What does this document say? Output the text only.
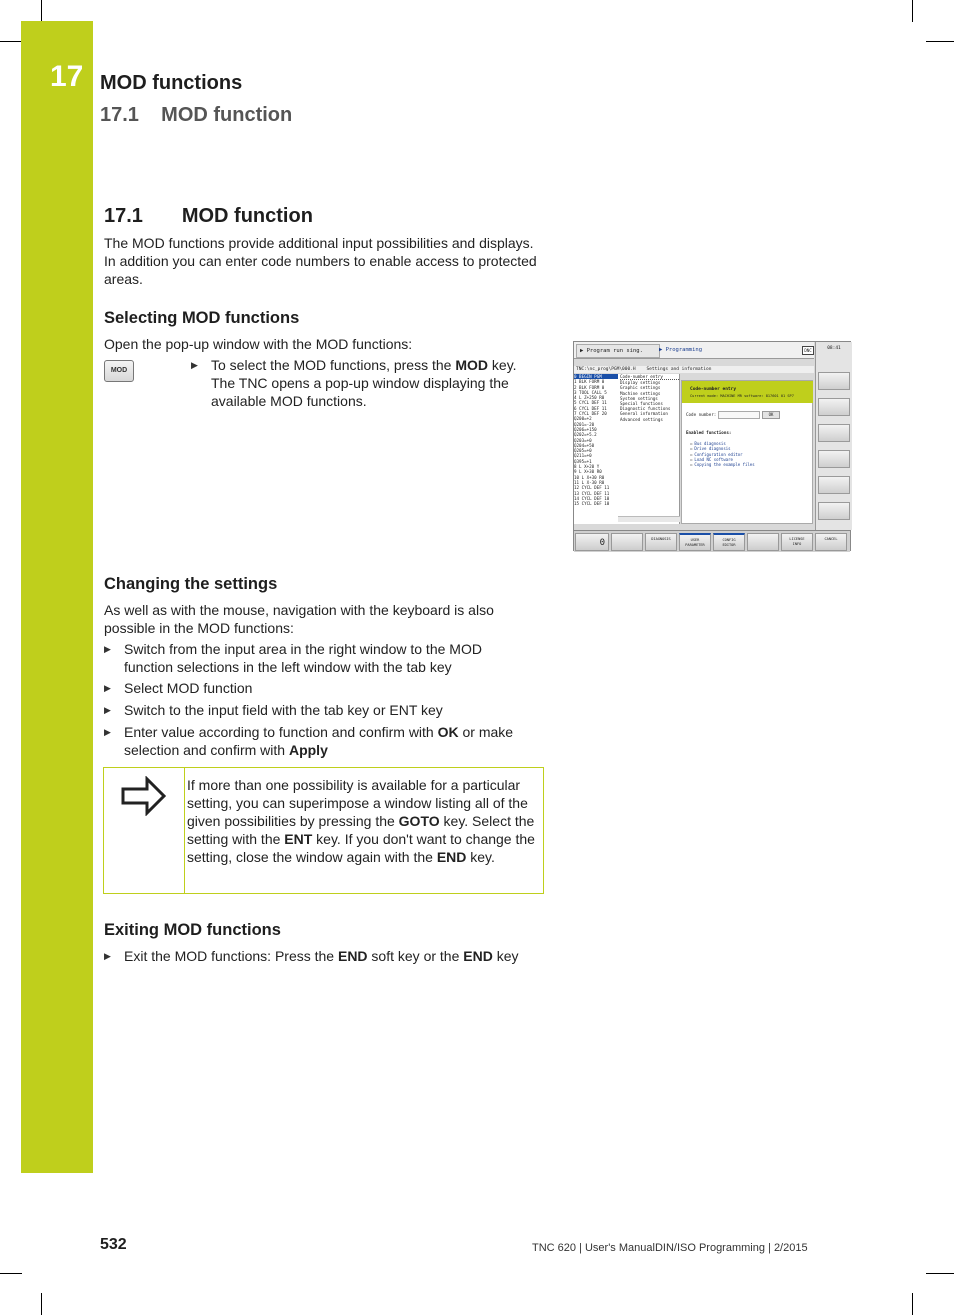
17 MOD functions
17.1    MOD function
17.1       MOD function
The MOD functions provide additional input possibilities and displays. In addition you can enter code numbers to enable access to protected areas.
Selecting MOD functions
Open the pop-up window with the MOD functions:
MOD
▶ To select the MOD functions, press the MOD key. The TNC opens a pop-up window displaying the available MOD functions.
▶ Program run sing.	▶ Programming	DNC
TNC:\nc_prog\PGM\000.H Settings and information
0 BEGIN PGM
1 BLK FORM 0
2 BLK FORM 0
3 TOOL CALL 5
4 L Z+250 R0
5 CYCL DEF 11
6 CYCL DEF 11
7 CYCL DEF 20
Q200=+2
Q201=-20
Q206=+150
Q202=+5.2
Q203=+0
Q204=+50
Q205=+0
Q211=+0
Q395=+1
8 L X+20 Y
9 L X+30 R0
10 L X+30 R0
11 L X-30 R0
12 CYCL DEF 11
13 CYCL DEF 11
14 CYCL DEF 10
15 CYCL DEF 10
Code-number entry
Display settings
Graphic settings
Machine settings
System settings
Special functions
Diagnostic functions
General information
Advanced settings
Code-number entry
Current mode: MACHINE MR software: 817601 01 SP7
Code number:	OK
Enabled functions:
☒ Bus diagnosis
☒ Drive diagnosis
☒ Configuration editor
☒ Load NC software
☒ Copying the example files
08:41
0	DIAGNOSIS	USER
PARAMETER
CONFIG
EDITOR
LICENSE
INFO
CANCEL
Changing the settings
As well as with the mouse, navigation with the keyboard is also possible in the MOD functions:
▶ Switch from the input area in the right window to the MOD function selections in the left window with the tab key
▶ Select MOD function
▶ Switch to the input field with the tab key or ENT key
▶ Enter value according to function and confirm with OK or make selection and confirm with Apply
If more than one possibility is available for a particular setting, you can superimpose a window listing all of the given possibilities by pressing the GOTO key. Select the setting with the ENT key. If you don't want to change the setting, close the window again with the END key.
Exiting MOD functions
▶ Exit the MOD functions: Press the END soft key or the END key
532	TNC 620 | User's ManualDIN/ISO Programming | 2/2015
